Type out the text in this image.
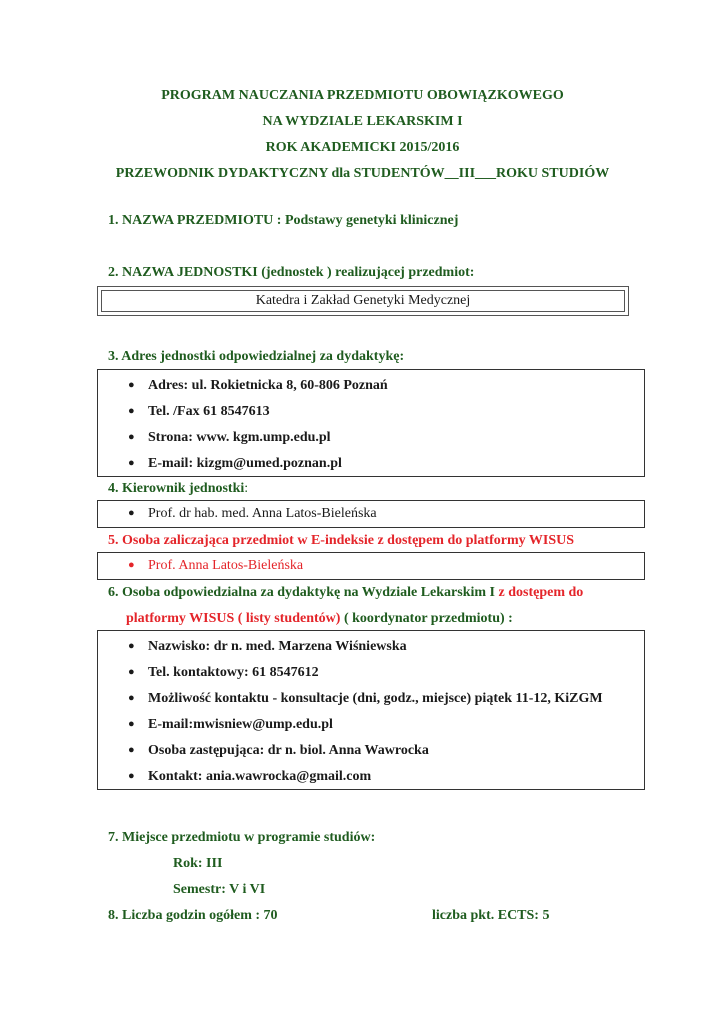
PROGRAM NAUCZANIA PRZEDMIOTU OBOWIĄZKOWEGO
NA WYDZIALE LEKARSKIM I
ROK AKADEMICKI 2015/2016
PRZEWODNIK DYDAKTYCZNY dla STUDENTÓW__III___ROKU STUDIÓW
1. NAZWA PRZEDMIOTU : Podstawy genetyki klinicznej
2. NAZWA JEDNOSTKI (jednostek ) realizującej przedmiot:
Katedra i Zakład Genetyki Medycznej
3. Adres jednostki odpowiedzialnej za dydaktykę:
● Adres: ul. Rokietnicka 8, 60-806 Poznań
● Tel. /Fax 61 8547613
● Strona: www. kgm.ump.edu.pl
● E-mail: kizgm@umed.poznan.pl
4. Kierownik jednostki:
● Prof. dr hab. med. Anna Latos-Bieleńska
5. Osoba zaliczająca przedmiot w E-indeksie z dostępem do platformy WISUS
● Prof. Anna Latos-Bieleńska
6. Osoba odpowiedzialna za dydaktykę na Wydziale Lekarskim I z dostępem do
platformy WISUS ( listy studentów) ( koordynator przedmiotu) :
● Nazwisko: dr n. med. Marzena Wiśniewska
● Tel. kontaktowy: 61 8547612
● Możliwość kontaktu - konsultacje (dni, godz., miejsce) piątek 11-12, KiZGM
● E-mail:mwisniew@ump.edu.pl
● Osoba zastępująca: dr n. biol. Anna Wawrocka
● Kontakt: ania.wawrocka@gmail.com
7. Miejsce przedmiotu w programie studiów:
Rok: III
Semestr: V i VI
8. Liczba godzin ogółem : 70	liczba pkt. ECTS: 5
